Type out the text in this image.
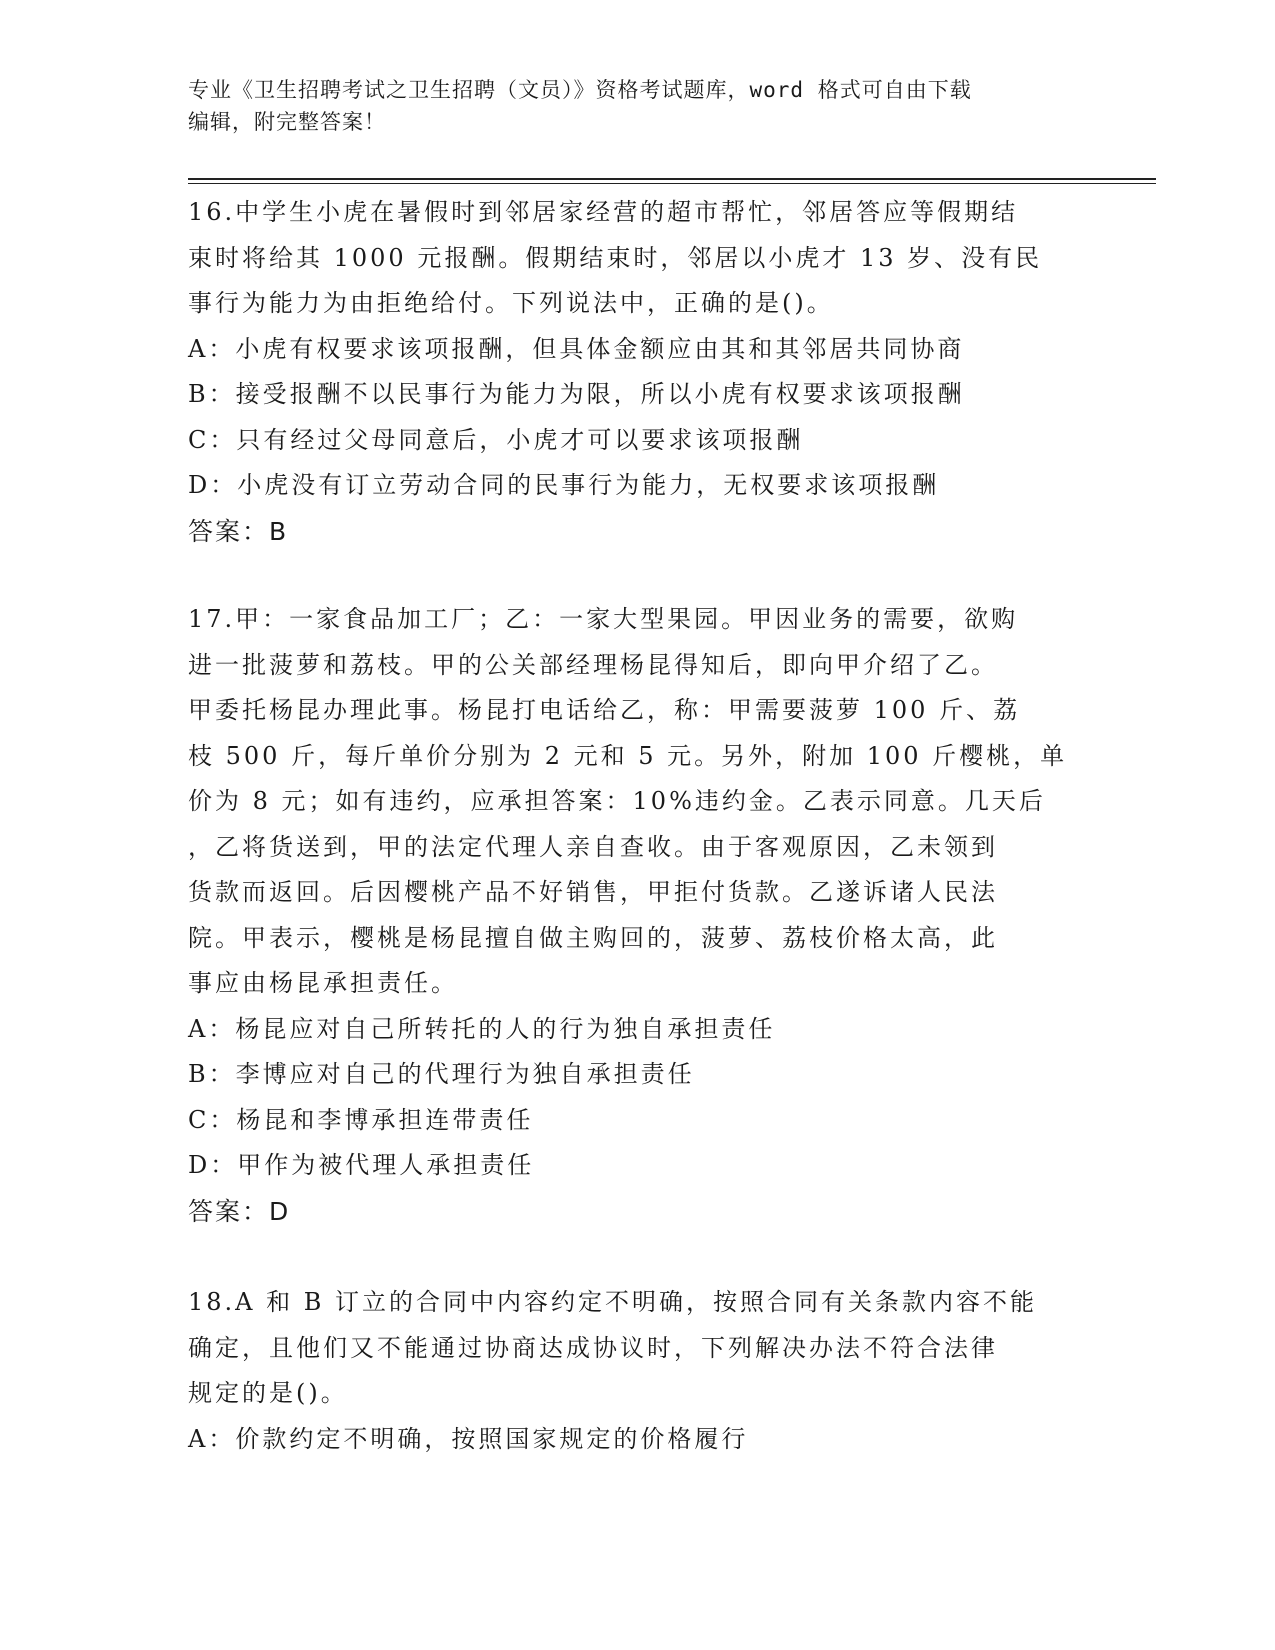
专业《卫生招聘考试之卫生招聘（文员）》资格考试题库，word 格式可自由下载
编辑，附完整答案！

16.中学生小虎在暑假时到邻居家经营的超市帮忙，邻居答应等假期结

束时将给其 1000 元报酬。假期结束时，邻居以小虎才 13 岁、没有民

事行为能力为由拒绝给付。下列说法中，正确的是()。

A：小虎有权要求该项报酬，但具体金额应由其和其邻居共同协商

B：接受报酬不以民事行为能力为限，所以小虎有权要求该项报酬

C：只有经过父母同意后，小虎才可以要求该项报酬

D：小虎没有订立劳动合同的民事行为能力，无权要求该项报酬

答案：B

17.甲：一家食品加工厂；乙：一家大型果园。甲因业务的需要，欲购

进一批菠萝和荔枝。甲的公关部经理杨昆得知后，即向甲介绍了乙。

甲委托杨昆办理此事。杨昆打电话给乙，称：甲需要菠萝 100 斤、荔

枝 500 斤，每斤单价分别为 2 元和 5 元。另外，附加 100 斤樱桃，单

价为 8 元；如有违约，应承担答案：10%违约金。乙表示同意。几天后

，乙将货送到，甲的法定代理人亲自查收。由于客观原因，乙未领到

货款而返回。后因樱桃产品不好销售，甲拒付货款。乙遂诉诸人民法

院。甲表示，樱桃是杨昆擅自做主购回的，菠萝、荔枝价格太高，此

事应由杨昆承担责任。

A：杨昆应对自己所转托的人的行为独自承担责任

B：李博应对自己的代理行为独自承担责任

C：杨昆和李博承担连带责任

D：甲作为被代理人承担责任

答案：D

18.A 和 B 订立的合同中内容约定不明确，按照合同有关条款内容不能

确定，且他们又不能通过协商达成协议时，下列解决办法不符合法律

规定的是()。

A：价款约定不明确，按照国家规定的价格履行
